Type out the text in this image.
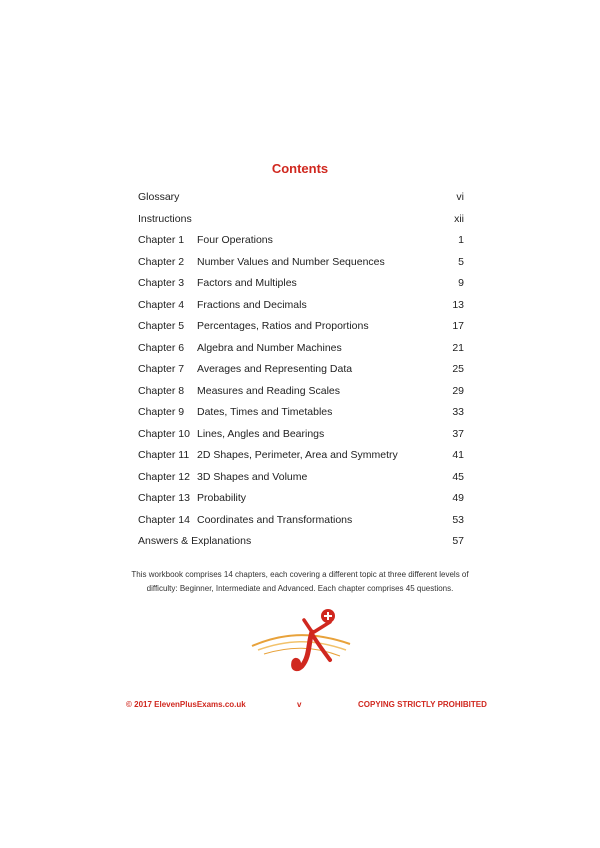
Contents
Glossary	vi
Instructions	xii
Chapter 1 Four Operations	1
Chapter 2 Number Values and Number Sequences	5
Chapter 3 Factors and Multiples	9
Chapter 4 Fractions and Decimals	13
Chapter 5 Percentages, Ratios and Proportions	17
Chapter 6 Algebra and Number Machines	21
Chapter 7 Averages and Representing Data	25
Chapter 8 Measures and Reading Scales	29
Chapter 9 Dates, Times and Timetables	33
Chapter 10 Lines, Angles and Bearings	37
Chapter 11 2D Shapes, Perimeter, Area and Symmetry	41
Chapter 12 3D Shapes and Volume	45
Chapter 13 Probability	49
Chapter 14 Coordinates and Transformations	53
Answers & Explanations	57
This workbook comprises 14 chapters, each covering a different topic at three different levels of
difficulty: Beginner, Intermediate and Advanced. Each chapter comprises 45 questions.
© 2017 ElevenPlusExams.co.uk	v	COPYING STRICTLY PROHIBITED
